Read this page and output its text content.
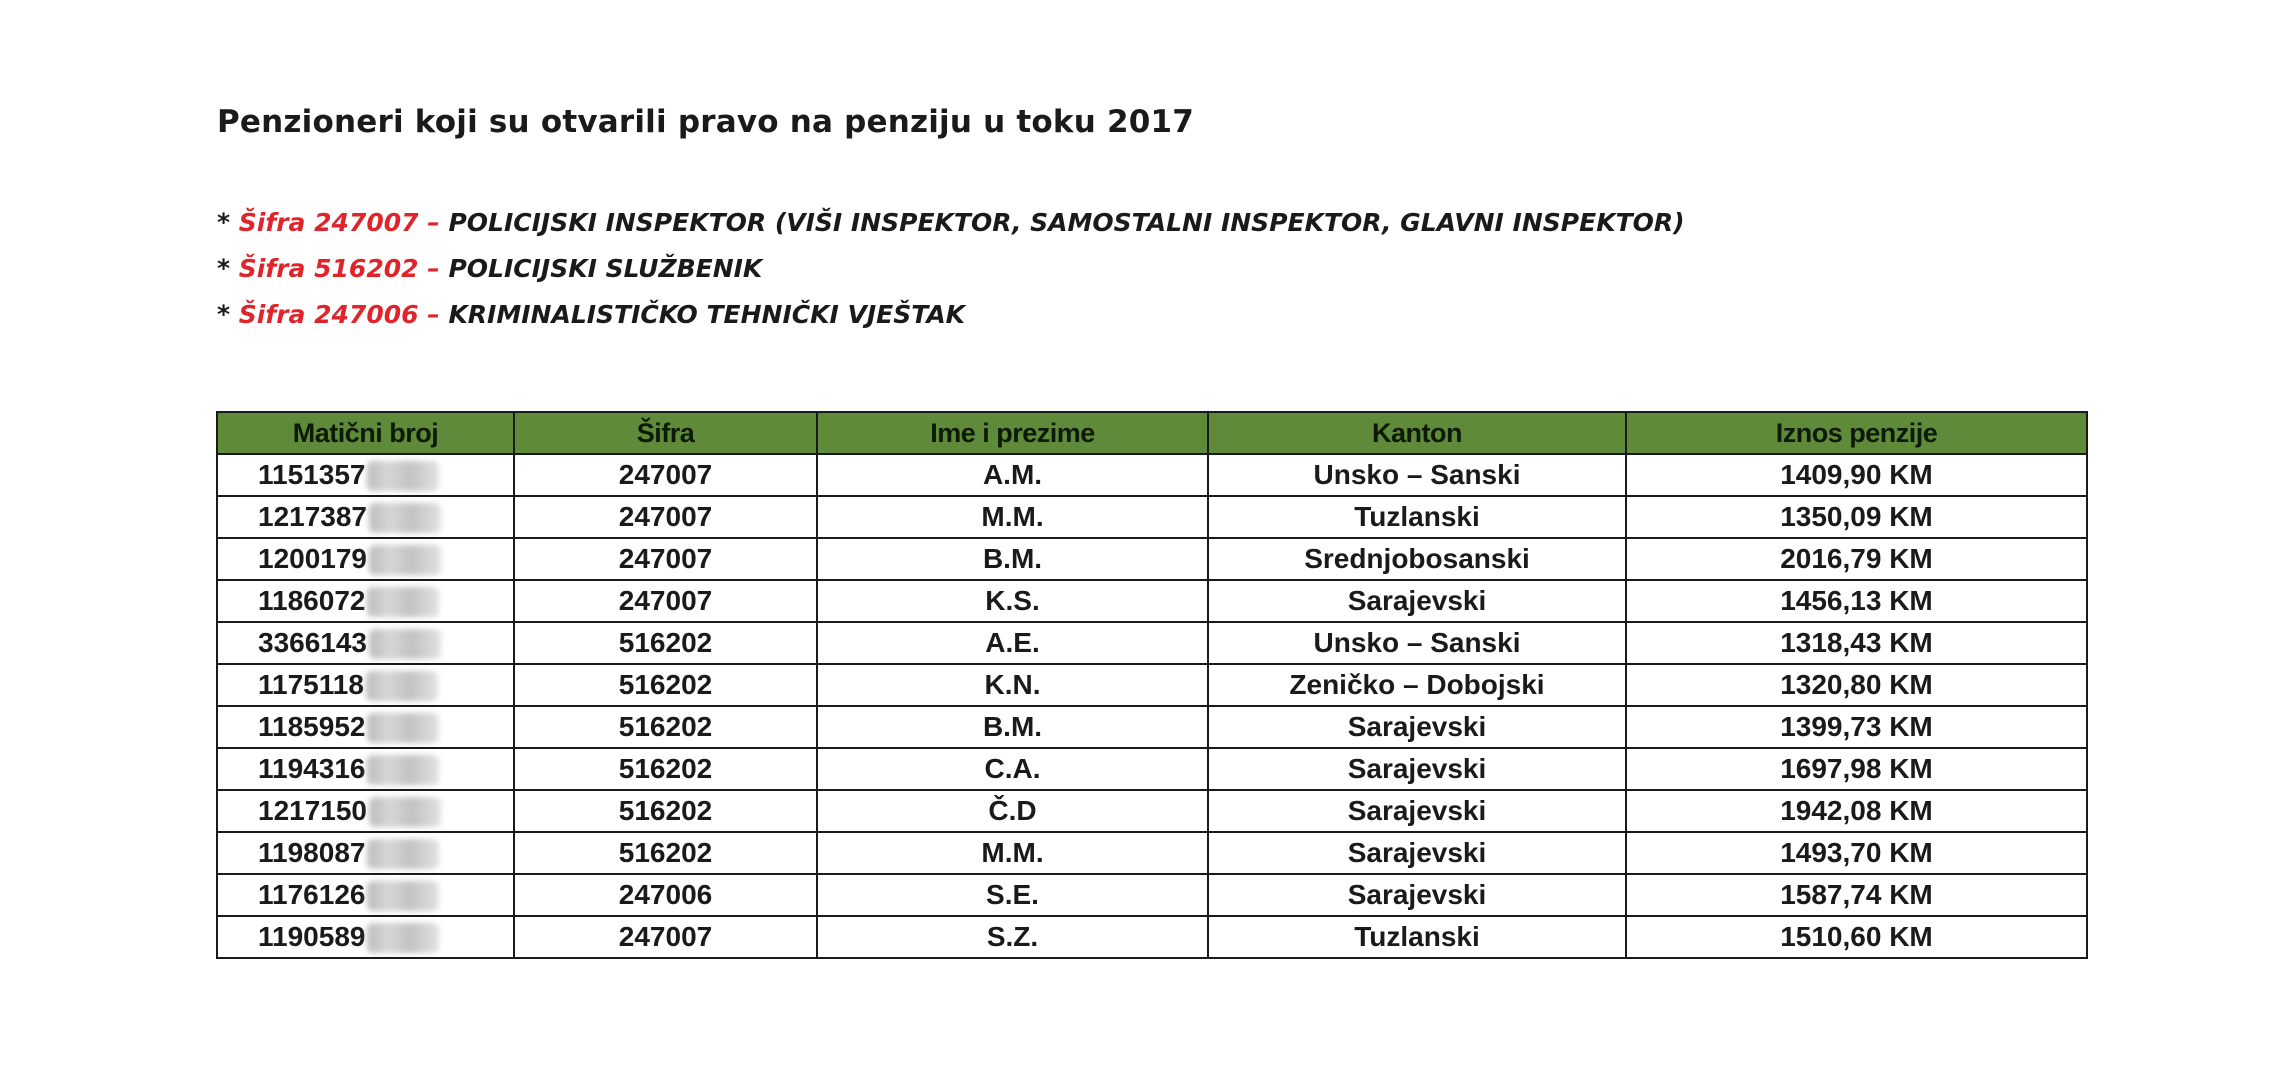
Penzioneri koji su otvarili pravo na penziju u toku 2017
* Šifra 247007 – POLICIJSKI INSPEKTOR (VIŠI INSPEKTOR, SAMOSTALNI INSPEKTOR, GLAVNI INSPEKTOR)
* Šifra 516202 – POLICIJSKI SLUŽBENIK
* Šifra 247006 – KRIMINALISTIČKO TEHNIČKI VJEŠTAK
Matični broj	Šifra	Ime i prezime	Kanton	Iznos penzije
1151357	247007	A.M.	Unsko – Sanski	1409,90 KM
1217387	247007	M.M.	Tuzlanski	1350,09 KM
1200179	247007	B.M.	Srednjobosanski	2016,79 KM
1186072	247007	K.S.	Sarajevski	1456,13 KM
3366143	516202	A.E.	Unsko – Sanski	1318,43 KM
1175118	516202	K.N.	Zeničko – Dobojski	1320,80 KM
1185952	516202	B.M.	Sarajevski	1399,73 KM
1194316	516202	C.A.	Sarajevski	1697,98 KM
1217150	516202	Č.D	Sarajevski	1942,08 KM
1198087	516202	M.M.	Sarajevski	1493,70 KM
1176126	247006	S.E.	Sarajevski	1587,74 KM
1190589	247007	S.Z.	Tuzlanski	1510,60 KM
